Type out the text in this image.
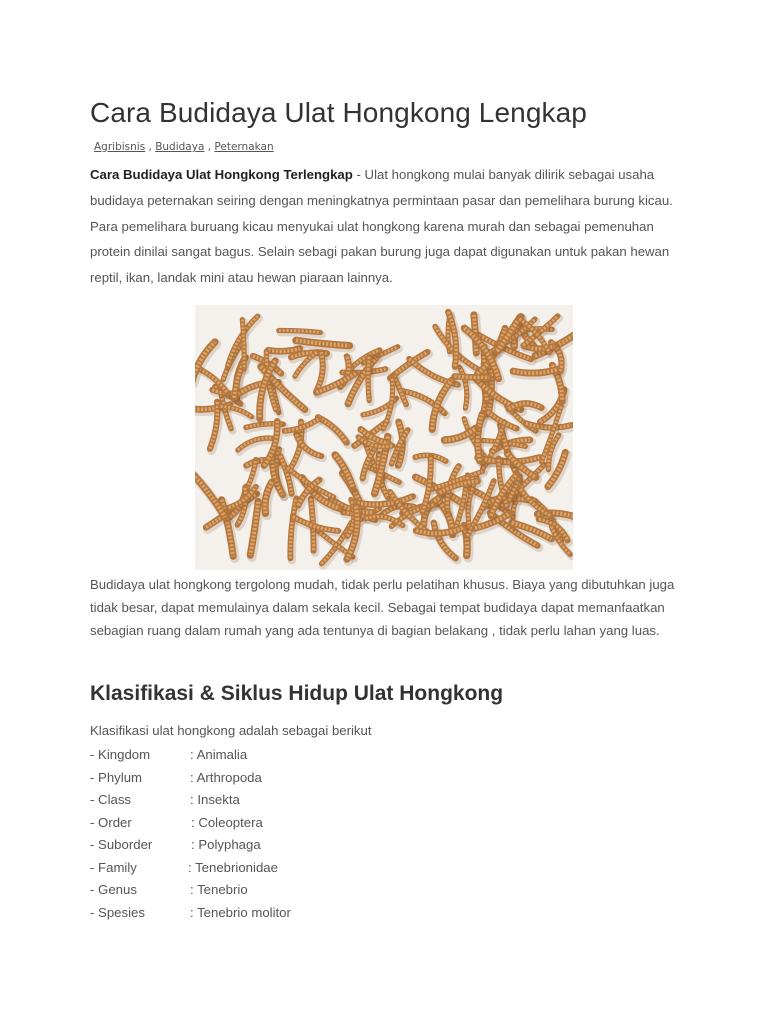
Cara Budidaya Ulat Hongkong Lengkap
Agribisnis , Budidaya , Peternakan

Cara Budidaya Ulat Hongkong Terlengkap - Ulat hongkong mulai banyak dilirik sebagai usaha budidaya peternakan seiring dengan meningkatnya permintaan pasar dan pemelihara burung kicau. Para pemelihara buruang kicau menyukai ulat hongkong karena murah dan sebagai pemenuhan protein dinilai sangat bagus. Selain sebagi pakan burung juga dapat digunakan untuk pakan hewan reptil, ikan, landak mini atau hewan piaraan lainnya.

Budidaya ulat hongkong tergolong mudah, tidak perlu pelatihan khusus. Biaya yang dibutuhkan juga tidak besar, dapat memulainya dalam sekala kecil. Sebagai tempat budidaya dapat memanfaatkan sebagian ruang dalam rumah yang ada tentunya di bagian belakang , tidak perlu lahan yang luas.

Klasifikasi & Siklus Hidup Ulat Hongkong

Klasifikasi ulat hongkong adalah sebagai berikut

- Kingdom	: Animalia
- Phylum	: Arthropoda
- Class	: Insekta
- Order	: Coleoptera
- Suborder	: Polyphaga
- Family	: Tenebrionidae
- Genus	: Tenebrio
- Spesies	: Tenebrio molitor
